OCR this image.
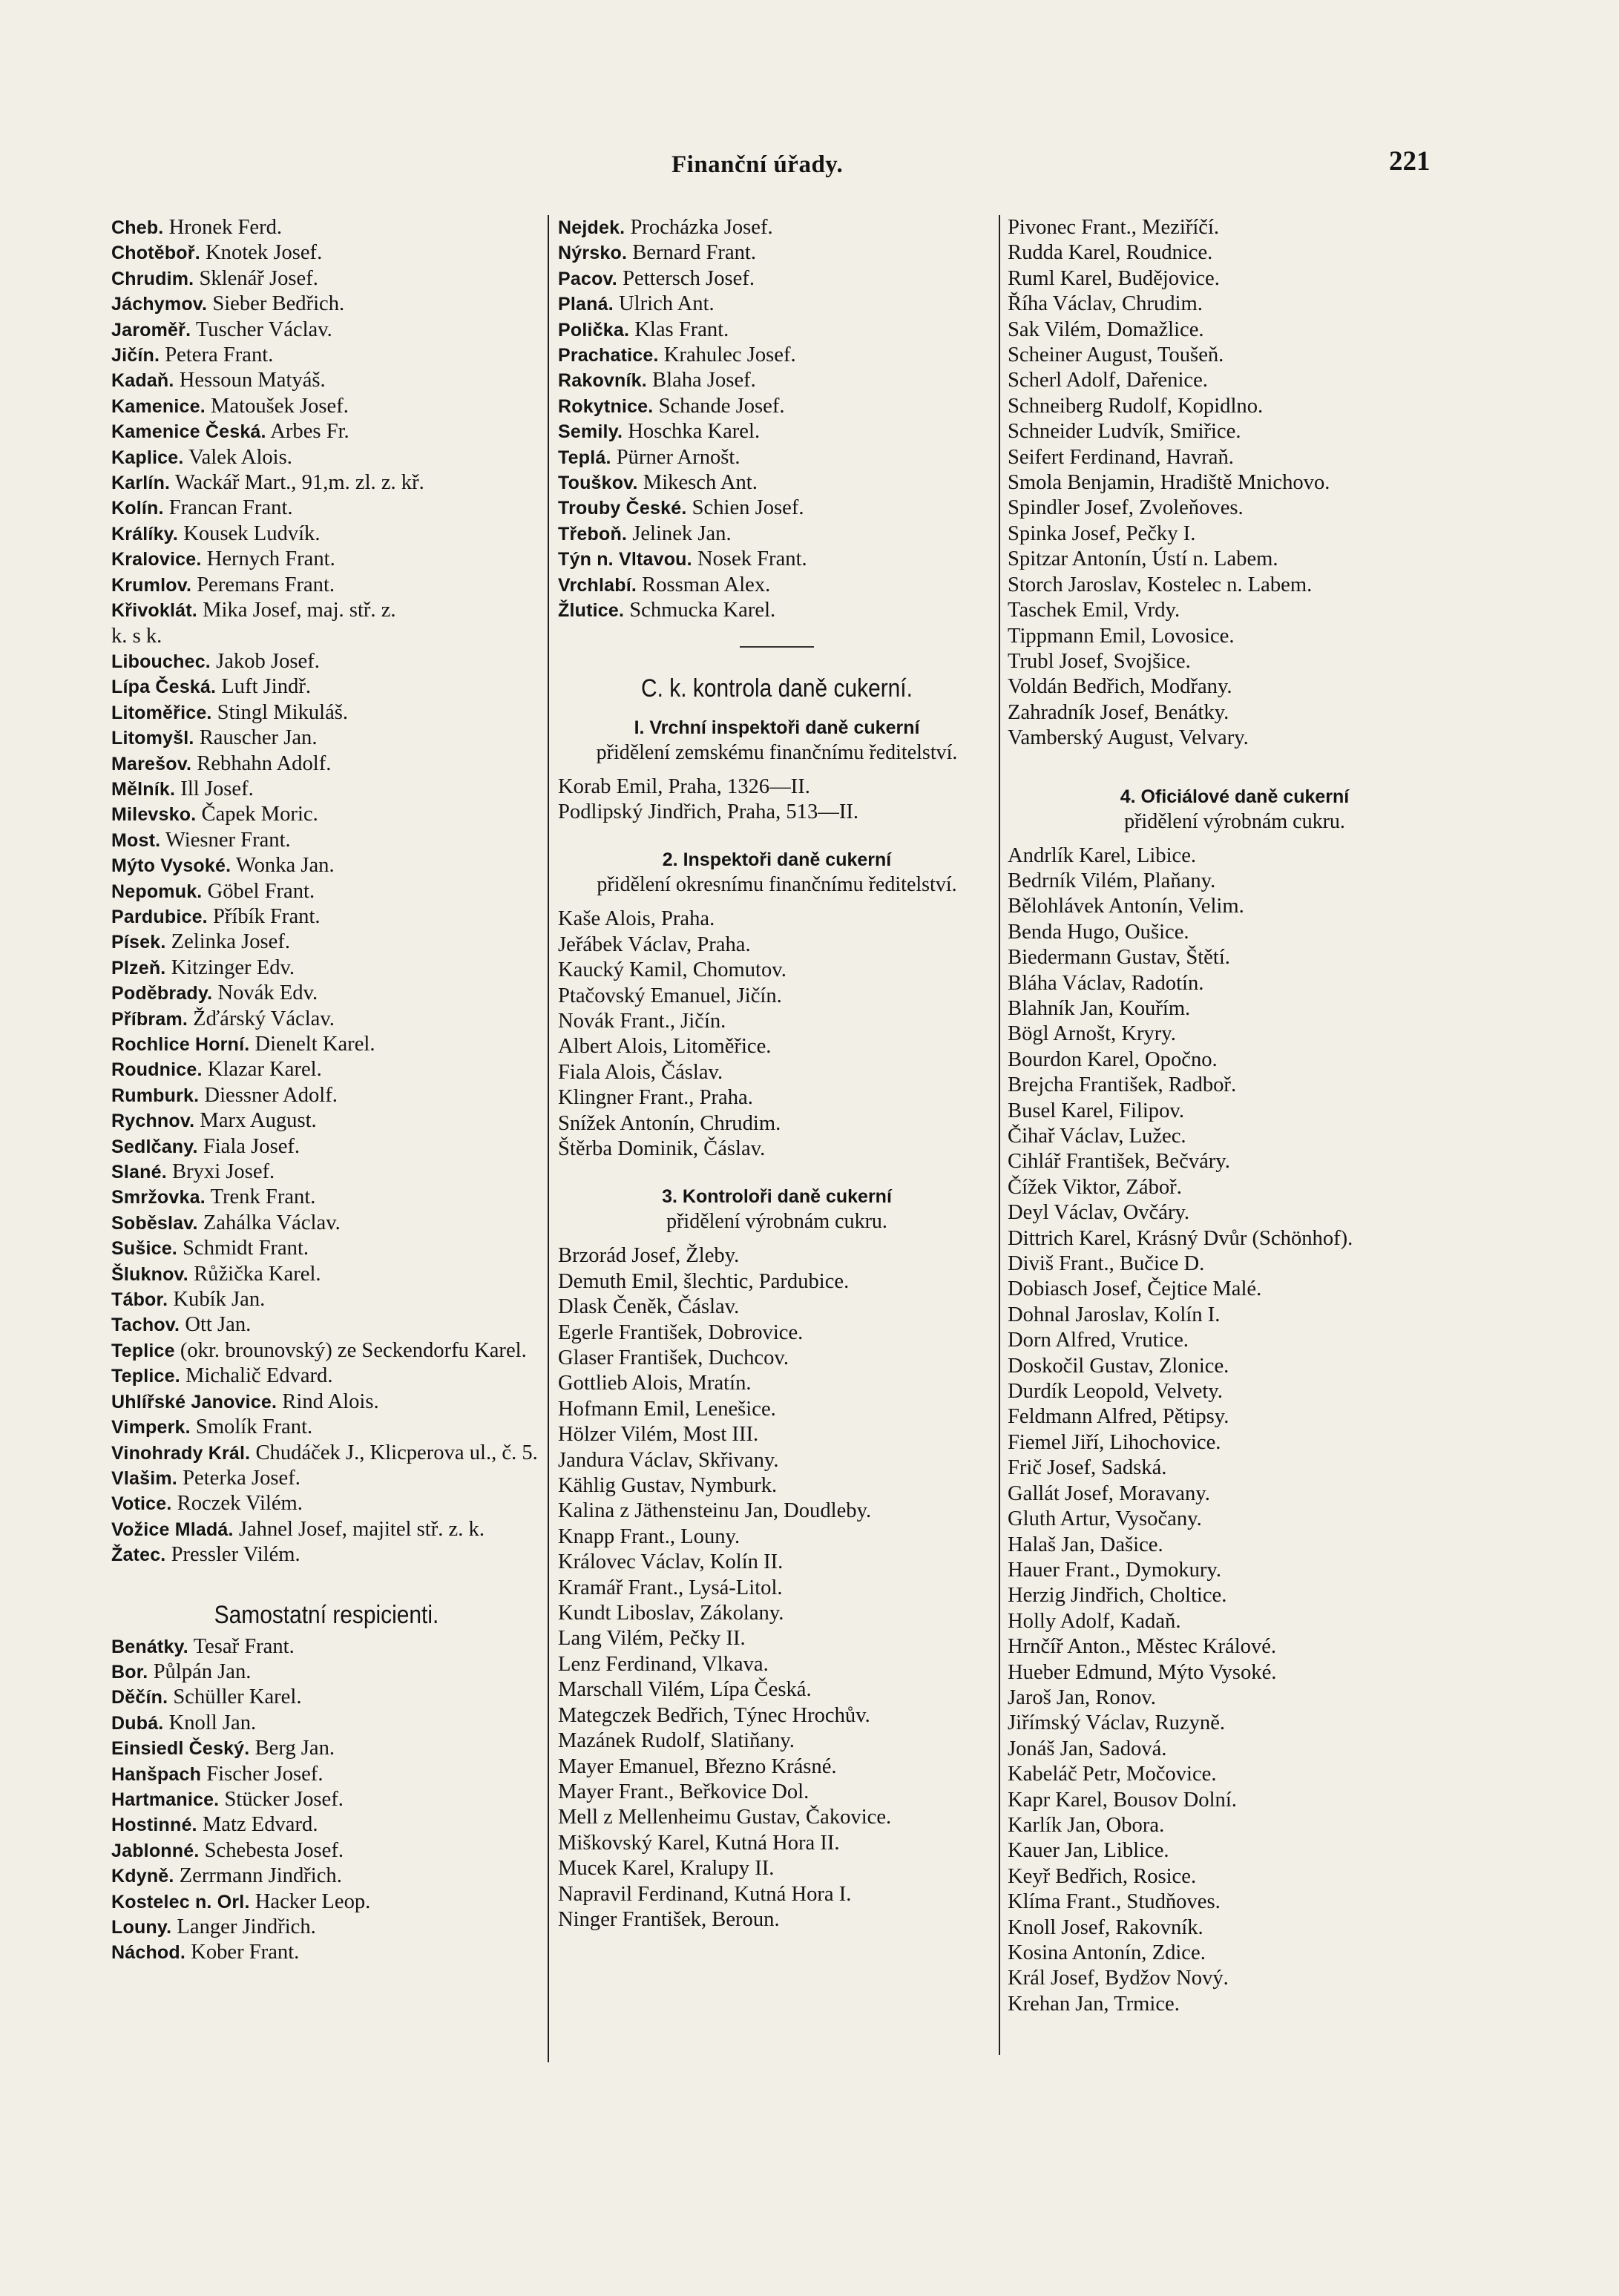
Finanční úřady.	221

Cheb. Hronek Ferd.

Chotěboř. Knotek Josef.

Chrudim. Sklenář Josef.

Jáchymov. Sieber Bedřich.

Jaroměř. Tuscher Václav.

Jičín. Petera Frant.

Kadaň. Hessoun Matyáš.

Kamenice. Matoušek Josef.

Kamenice Česká. Arbes Fr.

Kaplice. Valek Alois.

Karlín. Wackář Mart., 91,m. zl. z. kř.

Kolín. Francan Frant.

Králíky. Kousek Ludvík.

Kralovice. Hernych Frant.

Krumlov. Peremans Frant.

Křivoklát. Mika Josef, maj. stř. z.

k. s k.

Libouchec. Jakob Josef.

Lípa Česká. Luft Jindř.

Litoměřice. Stingl Mikuláš.

Litomyšl. Rauscher Jan.

Marešov. Rebhahn Adolf.

Mělník. Ill Josef.

Milevsko. Čapek Moric.

Most. Wiesner Frant.

Mýto Vysoké. Wonka Jan.

Nepomuk. Göbel Frant.

Pardubice. Příbík Frant.

Písek. Zelinka Josef.

Plzeň. Kitzinger Edv.

Poděbrady. Novák Edv.

Příbram. Žďárský Václav.

Rochlice Horní. Dienelt Karel.

Roudnice. Klazar Karel.

Rumburk. Diessner Adolf.

Rychnov. Marx August.

Sedlčany. Fiala Josef.

Slané. Bryxi Josef.

Smržovka. Trenk Frant.

Soběslav. Zahálka Václav.

Sušice. Schmidt Frant.

Šluknov. Růžička Karel.

Tábor. Kubík Jan.

Tachov. Ott Jan.

Teplice (okr. brounovský) ze Seckendorfu Karel.

Teplice. Michalič Edvard.

Uhlířské Janovice. Rind Alois.

Vimperk. Smolík Frant.

Vinohrady Král. Chudáček J., Klicperova ul., č. 5.

Vlašim. Peterka Josef.

Votice. Roczek Vilém.

Vožice Mladá. Jahnel Josef, majitel stř. z. k.

Žatec. Pressler Vilém.

Samostatní respicienti.

Benátky. Tesař Frant.

Bor. Půlpán Jan.

Děčín. Schüller Karel.

Dubá. Knoll Jan.

Einsiedl Český. Berg Jan.

Hanšpach Fischer Josef.

Hartmanice. Stücker Josef.

Hostinné. Matz Edvard.

Jablonné. Schebesta Josef.

Kdyně. Zerrmann Jindřich.

Kostelec n. Orl. Hacker Leop.

Louny. Langer Jindřich.

Náchod. Kober Frant.

Nejdek. Procházka Josef.

Nýrsko. Bernard Frant.

Pacov. Pettersch Josef.

Planá. Ulrich Ant.

Polička. Klas Frant.

Prachatice. Krahulec Josef.

Rakovník. Blaha Josef.

Rokytnice. Schande Josef.

Semily. Hoschka Karel.

Teplá. Pürner Arnošt.

Touškov. Mikesch Ant.

Trouby České. Schien Josef.

Třeboň. Jelinek Jan.

Týn n. Vltavou. Nosek Frant.

Vrchlabí. Rossman Alex.

Žlutice. Schmucka Karel.

C. k. kontrola daně cukerní.

I. Vrchní inspektoři daně cukerní

přidělení zemskému finančnímu ředitelství.

Korab Emil, Praha, 1326—II.

Podlipský Jindřich, Praha, 513—II.

2. Inspektoři daně cukerní

přidělení okresnímu finančnímu ředitelství.

Kaše Alois, Praha.

Jeřábek Václav, Praha.

Kaucký Kamil, Chomutov.

Ptačovský Emanuel, Jičín.

Novák Frant., Jičín.

Albert Alois, Litoměřice.

Fiala Alois, Čáslav.

Klingner Frant., Praha.

Snížek Antonín, Chrudim.

Štěrba Dominik, Čáslav.

3. Kontroloři daně cukerní

přidělení výrobnám cukru.

Brzorád Josef, Žleby.

Demuth Emil, šlechtic, Pardubice.

Dlask Čeněk, Čáslav.

Egerle František, Dobrovice.

Glaser František, Duchcov.

Gottlieb Alois, Mratín.

Hofmann Emil, Lenešice.

Hölzer Vilém, Most III.

Jandura Václav, Skřivany.

Kählig Gustav, Nymburk.

Kalina z Jäthensteinu Jan, Doudleby.

Knapp Frant., Louny.

Královec Václav, Kolín II.

Kramář Frant., Lysá-Litol.

Kundt Liboslav, Zákolany.

Lang Vilém, Pečky II.

Lenz Ferdinand, Vlkava.

Marschall Vilém, Lípa Česká.

Mategczek Bedřich, Týnec Hrochův.

Mazánek Rudolf, Slatiňany.

Mayer Emanuel, Březno Krásné.

Mayer Frant., Beřkovice Dol.

Mell z Mellenheimu Gustav, Čakovice.

Miškovský Karel, Kutná Hora II.

Mucek Karel, Kralupy II.

Napravil Ferdinand, Kutná Hora I.

Ninger František, Beroun.

Pivonec Frant., Meziříčí.

Rudda Karel, Roudnice.

Ruml Karel, Budějovice.

Říha Václav, Chrudim.

Sak Vilém, Domažlice.

Scheiner August, Toušeň.

Scherl Adolf, Dařenice.

Schneiberg Rudolf, Kopidlno.

Schneider Ludvík, Smiřice.

Seifert Ferdinand, Havraň.

Smola Benjamin, Hradiště Mnichovo.

Spindler Josef, Zvoleňoves.

Spinka Josef, Pečky I.

Spitzar Antonín, Ústí n. Labem.

Storch Jaroslav, Kostelec n. Labem.

Taschek Emil, Vrdy.

Tippmann Emil, Lovosice.

Trubl Josef, Svojšice.

Voldán Bedřich, Modřany.

Zahradník Josef, Benátky.

Vamberský August, Velvary.

4. Oficiálové daně cukerní

přidělení výrobnám cukru.

Andrlík Karel, Libice.

Bedrník Vilém, Plaňany.

Bělohlávek Antonín, Velim.

Benda Hugo, Oušice.

Biedermann Gustav, Štětí.

Bláha Václav, Radotín.

Blahník Jan, Kouřím.

Bögl Arnošt, Kryry.

Bourdon Karel, Opočno.

Brejcha František, Radboř.

Busel Karel, Filipov.

Čihař Václav, Lužec.

Cihlář František, Bečváry.

Čížek Viktor, Záboř.

Deyl Václav, Ovčáry.

Dittrich Karel, Krásný Dvůr (Schönhof).

Diviš Frant., Bučice D.

Dobiasch Josef, Čejtice Malé.

Dohnal Jaroslav, Kolín I.

Dorn Alfred, Vrutice.

Doskočil Gustav, Zlonice.

Durdík Leopold, Velvety.

Feldmann Alfred, Pětipsy.

Fiemel Jiří, Lihochovice.

Frič Josef, Sadská.

Gallát Josef, Moravany.

Gluth Artur, Vysočany.

Halaš Jan, Dašice.

Hauer Frant., Dymokury.

Herzig Jindřich, Choltice.

Holly Adolf, Kadaň.

Hrnčíř Anton., Městec Králové.

Hueber Edmund, Mýto Vysoké.

Jaroš Jan, Ronov.

Jiřímský Václav, Ruzyně.

Jonáš Jan, Sadová.

Kabeláč Petr, Močovice.

Kapr Karel, Bousov Dolní.

Karlík Jan, Obora.

Kauer Jan, Liblice.

Keyř Bedřich, Rosice.

Klíma Frant., Studňoves.

Knoll Josef, Rakovník.

Kosina Antonín, Zdice.

Král Josef, Bydžov Nový.

Krehan Jan, Trmice.
